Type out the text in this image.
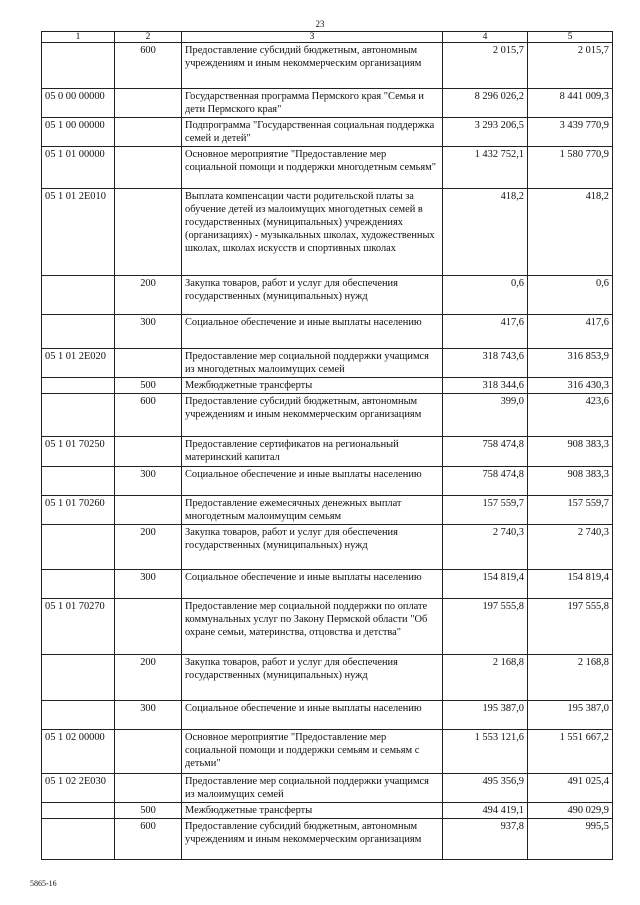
23
1	2	3	4	5
	600	Предоставление субсидий бюджетным, автономным учреждениям и иным некоммерческим организациям	2 015,7	2 015,7
05 0 00 00000		Государственная программа Пермского края "Семья и дети Пермского края"	8 296 026,2	8 441 009,3
05 1 00 00000		Подпрограмма "Государственная социальная поддержка семей и детей"	3 293 206,5	3 439 770,9
05 1 01 00000		Основное мероприятие "Предоставление мер социальной помощи и поддержки многодетным семьям"	1 432 752,1	1 580 770,9
05 1 01 2Е010		Выплата компенсации части родительской платы за обучение детей из малоимущих многодетных семей в государственных (муниципальных) учреждениях (организациях) - музыкальных школах, художественных школах, школах искусств и спортивных школах	418,2	418,2
	200	Закупка товаров, работ и услуг для обеспечения государственных (муниципальных) нужд	0,6	0,6
	300	Социальное обеспечение и иные выплаты населению	417,6	417,6
05 1 01 2Е020		Предоставление мер социальной поддержки учащимся из многодетных малоимущих семей	318 743,6	316 853,9
	500	Межбюджетные трансферты	318 344,6	316 430,3
	600	Предоставление субсидий бюджетным, автономным учреждениям и иным некоммерческим организациям	399,0	423,6
05 1 01 70250		Предоставление сертификатов на региональный материнский капитал	758 474,8	908 383,3
	300	Социальное обеспечение и иные выплаты населению	758 474,8	908 383,3
05 1 01 70260		Предоставление ежемесячных денежных выплат многодетным малоимущим семьям	157 559,7	157 559,7
	200	Закупка товаров, работ и услуг для обеспечения государственных (муниципальных) нужд	2 740,3	2 740,3
	300	Социальное обеспечение и иные выплаты населению	154 819,4	154 819,4
05 1 01 70270		Предоставление мер социальной поддержки по оплате коммунальных услуг по Закону Пермской области "Об охране семьи, материнства, отцовства и детства"	197 555,8	197 555,8
	200	Закупка товаров, работ и услуг для обеспечения государственных (муниципальных) нужд	2 168,8	2 168,8
	300	Социальное обеспечение и иные выплаты населению	195 387,0	195 387,0
05 1 02 00000		Основное мероприятие "Предоставление мер социальной помощи и поддержки семьям и семьям с детьми"	1 553 121,6	1 551 667,2
05 1 02 2Е030		Предоставление мер социальной поддержки учащимся из малоимущих семей	495 356,9	491 025,4
	500	Межбюджетные трансферты	494 419,1	490 029,9
	600	Предоставление субсидий бюджетным, автономным учреждениям и иным некоммерческим организациям	937,8	995,5
5865-16
